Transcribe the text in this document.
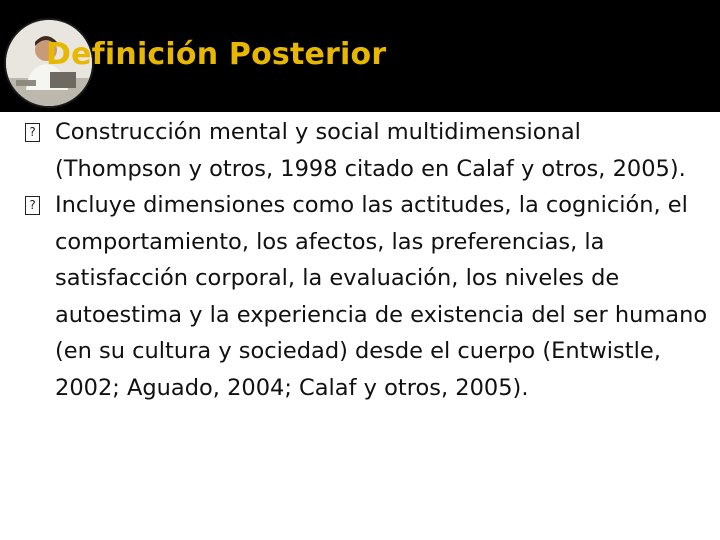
Definición Posterior

? Construcción mental y social multidimensional (Thompson y otros, 1998 citado en Calaf y otros, 2005).

? Incluye dimensiones como las actitudes, la cognición, el comportamiento, los afectos, las preferencias, la satisfacción corporal, la evaluación, los niveles de autoestima y la experiencia de existencia del ser humano (en su cultura y sociedad) desde el cuerpo (Entwistle, 2002; Aguado, 2004; Calaf y otros, 2005).
